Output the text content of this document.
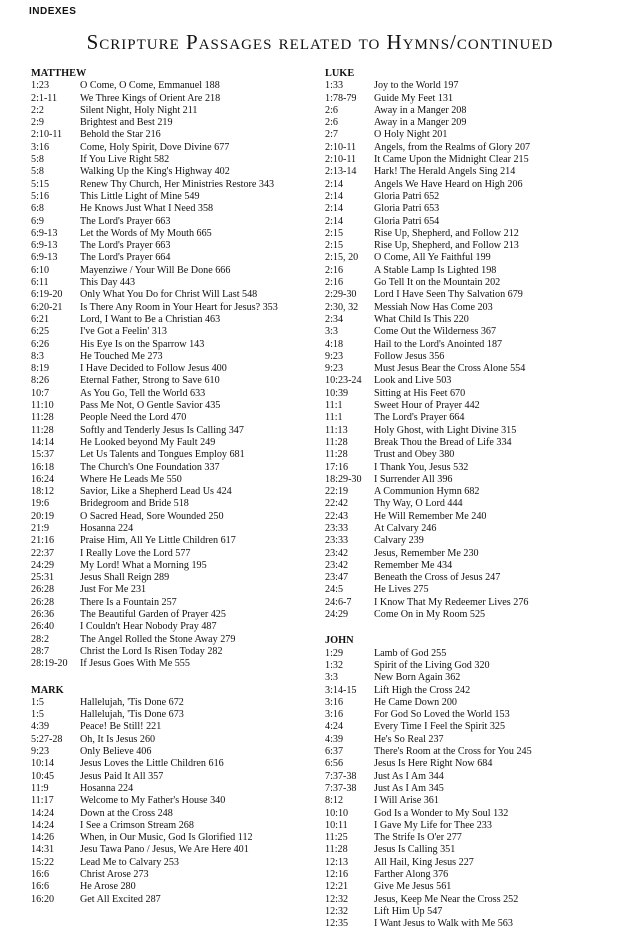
INDEXES
Scripture Passages related to Hymns/continued
MATTHEW
1:23	O Come, O Come, Emmanuel 188
2:1-11	We Three Kings of Orient Are 218
2:2	Silent Night, Holy Night 211
2:9	Brightest and Best 219
2:10-11	Behold the Star 216
3:16	Come, Holy Spirit, Dove Divine 677
5:8	If You Live Right 582
5:8	Walking Up the King's Highway 402
5:15	Renew Thy Church, Her Ministries Restore 343
5:16	This Little Light of Mine 549
6:8	He Knows Just What I Need 358
6:9	The Lord's Prayer 663
6:9-13	Let the Words of My Mouth 665
6:9-13	The Lord's Prayer 663
6:9-13	The Lord's Prayer 664
6:10	Mayenziwe / Your Will Be Done 666
6:11	This Day 443
6:19-20	Only What You Do for Christ Will Last 548
6:20-21	Is There Any Room in Your Heart for Jesus? 353
6:21	Lord, I Want to Be a Christian 463
6:25	I've Got a Feelin' 313
6:26	His Eye Is on the Sparrow 143
8:3	He Touched Me 273
8:19	I Have Decided to Follow Jesus 400
8:26	Eternal Father, Strong to Save 610
10:7	As You Go, Tell the World 633
11:10	Pass Me Not, O Gentle Savior 435
11:28	People Need the Lord 470
11:28	Softly and Tenderly Jesus Is Calling 347
14:14	He Looked beyond My Fault 249
15:37	Let Us Talents and Tongues Employ 681
16:18	The Church's One Foundation 337
16:24	Where He Leads Me 550
18:12	Savior, Like a Shepherd Lead Us 424
19:6	Bridegroom and Bride 518
20:19	O Sacred Head, Sore Wounded 250
21:9	Hosanna 224
21:16	Praise Him, All Ye Little Children 617
22:37	I Really Love the Lord 577
24:29	My Lord! What a Morning 195
25:31	Jesus Shall Reign 289
26:28	Just For Me 231
26:28	There Is a Fountain 257
26:36	The Beautiful Garden of Prayer 425
26:40	I Couldn't Hear Nobody Pray 487
28:2	The Angel Rolled the Stone Away 279
28:7	Christ the Lord Is Risen Today 282
28:19-20	If Jesus Goes With Me 555
MARK
1:5	Hallelujah, 'Tis Done 672
1:5	Hallelujah, 'Tis Done 673
4:39	Peace! Be Still! 221
5:27-28	Oh, It Is Jesus 260
9:23	Only Believe 406
10:14	Jesus Loves the Little Children 616
10:45	Jesus Paid It All 357
11:9	Hosanna 224
11:17	Welcome to My Father's House 340
14:24	Down at the Cross 248
14:24	I See a Crimson Stream 268
14:26	When, in Our Music, God Is Glorified 112
14:31	Jesu Tawa Pano / Jesus, We Are Here 401
15:22	Lead Me to Calvary 253
16:6	Christ Arose 273
16:6	He Arose 280
16:20	Get All Excited 287
LUKE
1:33	Joy to the World 197
1:78-79	Guide My Feet 131
2:6	Away in a Manger 208
2:6	Away in a Manger 209
2:7	O Holy Night 201
2:10-11	Angels, from the Realms of Glory 207
2:10-11	It Came Upon the Midnight Clear 215
2:13-14	Hark! The Herald Angels Sing 214
2:14	Angels We Have Heard on High 206
2:14	Gloria Patri 652
2:14	Gloria Patri 653
2:14	Gloria Patri 654
2:15	Rise Up, Shepherd, and Follow 212
2:15	Rise Up, Shepherd, and Follow 213
2:15, 20	O Come, All Ye Faithful 199
2:16	A Stable Lamp Is Lighted 198
2:16	Go Tell It on the Mountain 202
2:29-30	Lord I Have Seen Thy Salvation 679
2:30, 32	Messiah Now Has Come 203
2:34	What Child Is This 220
3:3	Come Out the Wilderness 367
4:18	Hail to the Lord's Anointed 187
9:23	Follow Jesus 356
9:23	Must Jesus Bear the Cross Alone 554
10:23-24	Look and Live 503
10:39	Sitting at His Feet 670
11:1	Sweet Hour of Prayer 442
11:1	The Lord's Prayer 664
11:13	Holy Ghost, with Light Divine 315
11:28	Break Thou the Bread of Life 334
11:28	Trust and Obey 380
17:16	I Thank You, Jesus 532
18:29-30	I Surrender All 396
22:19	A Communion Hymn 682
22:42	Thy Way, O Lord 444
22:43	He Will Remember Me 240
23:33	At Calvary 246
23:33	Calvary 239
23:42	Jesus, Remember Me 230
23:42	Remember Me 434
23:47	Beneath the Cross of Jesus 247
24:5	He Lives 275
24:6-7	I Know That My Redeemer Lives 276
24:29	Come On in My Room 525
JOHN
1:29	Lamb of God 255
1:32	Spirit of the Living God 320
3:3	New Born Again 362
3:14-15	Lift High the Cross 242
3:16	He Came Down 200
3:16	For God So Loved the World 153
4:24	Every Time I Feel the Spirit 325
4:39	He's So Real 237
6:37	There's Room at the Cross for You 245
6:56	Jesus Is Here Right Now 684
7:37-38	Just As I Am 344
7:37-38	Just As I Am 345
8:12	I Will Arise 361
10:10	God Is a Wonder to My Soul 132
10:11	I Gave My Life for Thee 233
11:25	The Strife Is O'er 277
11:28	Jesus Is Calling 351
12:13	All Hail, King Jesus 227
12:16	Farther Along 376
12:21	Give Me Jesus 561
12:32	Jesus, Keep Me Near the Cross 252
12:32	Lift Him Up 547
12:35	I Want Jesus to Walk with Me 563
